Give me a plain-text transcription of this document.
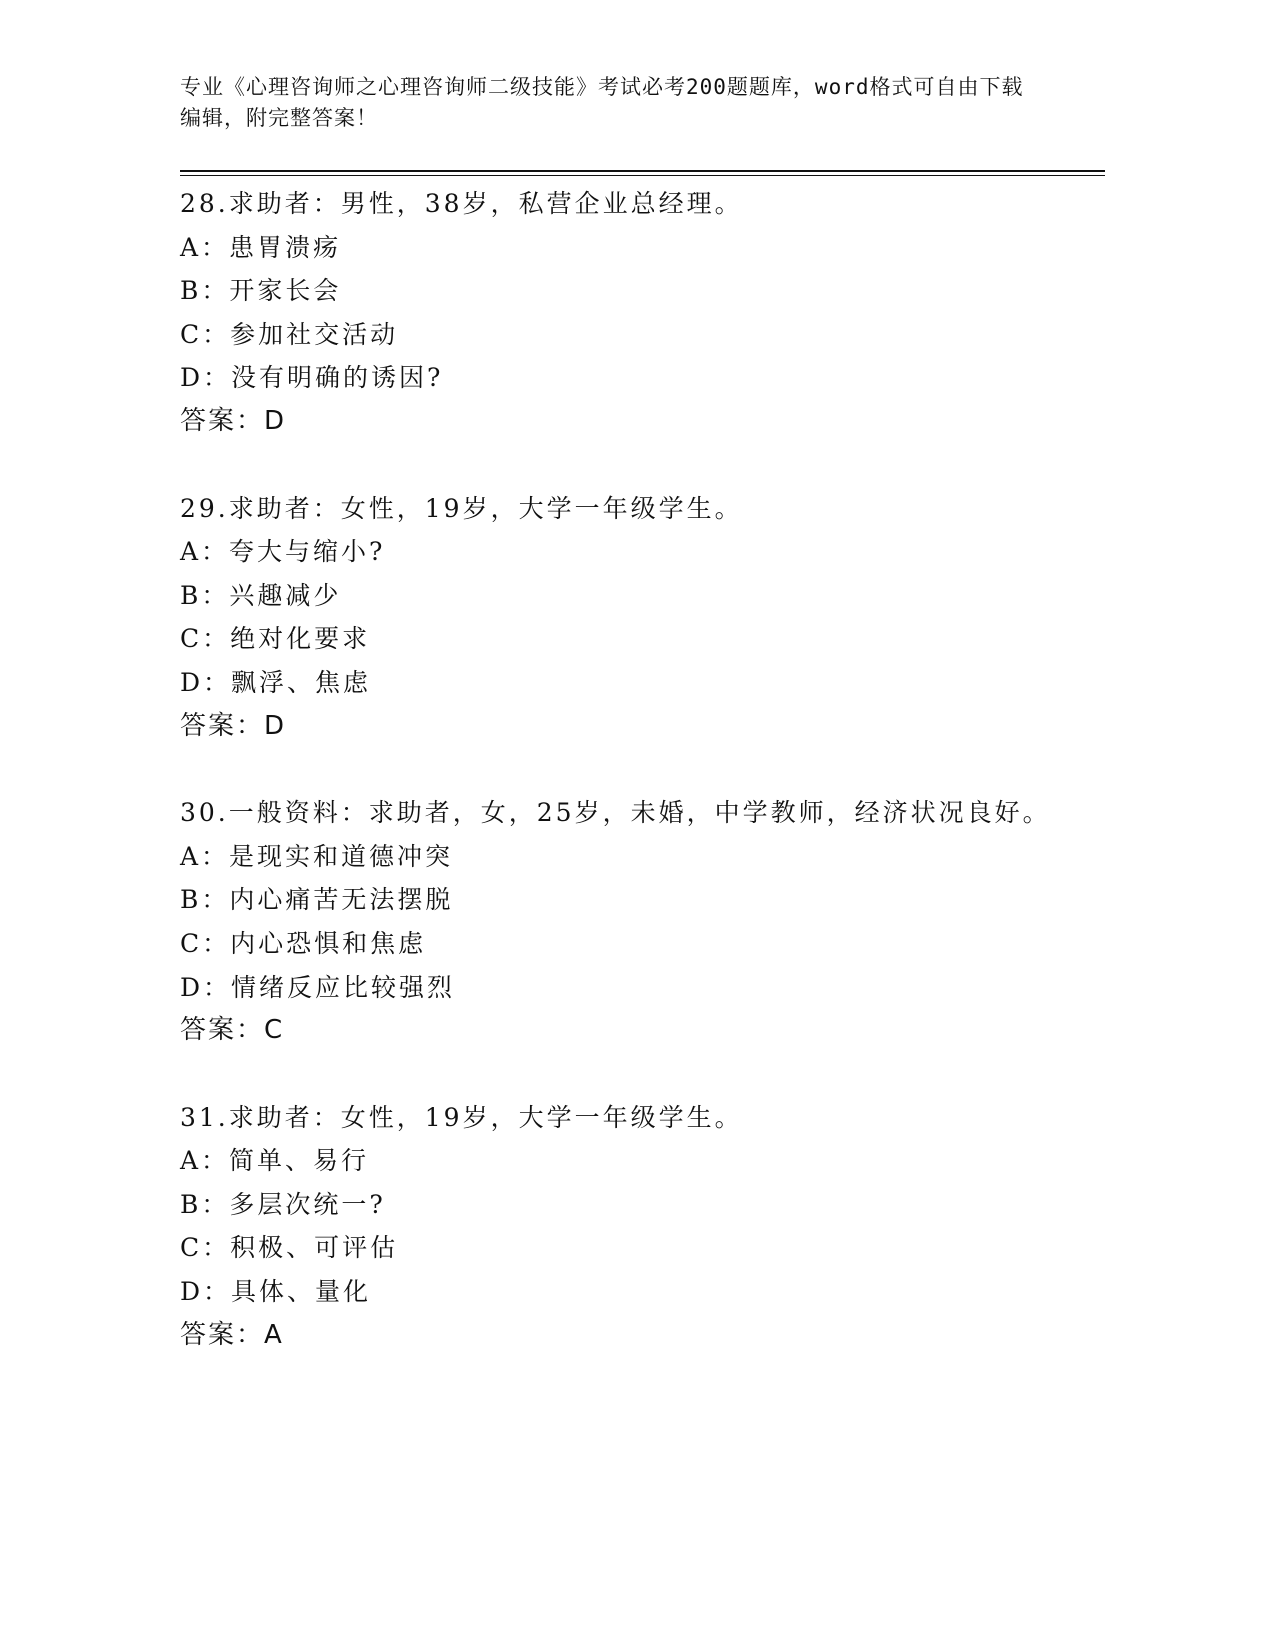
专业《心理咨询师之心理咨询师二级技能》考试必考200题题库，word格式可自由下载编辑，附完整答案！
28.求助者：男性，38岁，私营企业总经理。
A：患胃溃疡
B：开家长会
C：参加社交活动
D：没有明确的诱因?
答案：D
29.求助者：女性，19岁，大学一年级学生。
A：夸大与缩小?
B：兴趣减少
C：绝对化要求
D：飘浮、焦虑
答案：D
30.一般资料：求助者，女，25岁，未婚，中学教师，经济状况良好。
A：是现实和道德冲突
B：内心痛苦无法摆脱
C：内心恐惧和焦虑
D：情绪反应比较强烈
答案：C
31.求助者：女性，19岁，大学一年级学生。
A：简单、易行
B：多层次统一?
C：积极、可评估
D：具体、量化
答案：A
